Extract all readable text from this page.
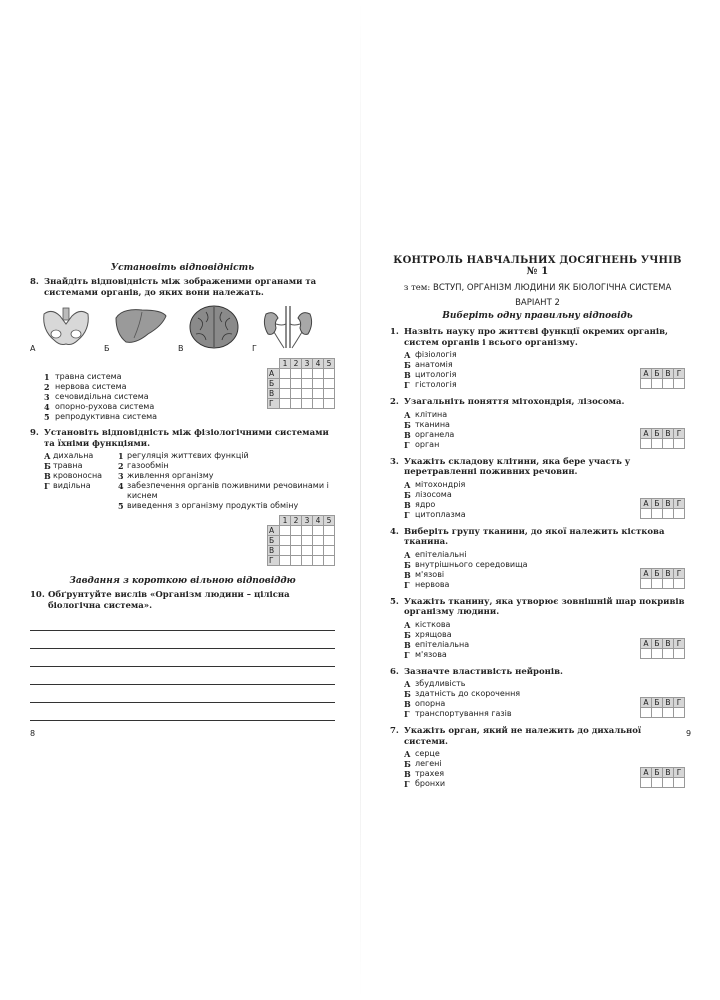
Установіть відповідність
8. Знайдіть відповідність між зображеними органами та системами органів, до яких вони належать.
А	Б	В	Г
1 травна система
2 нервова система
3 сечовидільна система
4 опорно-рухова система
5 репродуктивна система
	1	2	3	4	5
А					
Б					
В					
Г					
9. Установіть відповідність між фізіологічними системами та їхніми функціями.
А дихальна
Б травна
В кровоносна
Г видільна
1 регуляція життєвих функцій
2 газообмін
3 живлення організму
4 забезпечення органів поживними речовинами і киснем
5 виведення з організму продуктів обміну
	1	2	3	4	5
А					
Б					
В					
Г					
Завдання з короткою вільною відповіддю
10. Обґрунтуйте вислів «Організм людини – цілісна біологічна система».
8
КОНТРОЛЬ НАВЧАЛЬНИХ ДОСЯГНЕНЬ УЧНІВ № 1
з тем: ВСТУП, ОРГАНІЗМ ЛЮДИНИ ЯК БІОЛОГІЧНА СИСТЕМА
ВАРІАНТ 2
Виберіть одну правильну відповідь
1. Назвіть науку про життєві функції окремих органів, систем органів і всього організму.
А фізіологія
Б анатомія
В цитологія
Г гістологія
А	Б	В	Г

2. Узагальніть поняття мітохондрія, лізосома.
А клітина
Б тканина
В органела
Г орган
А	Б	В	Г

3. Укажіть складову клітини, яка бере участь у перетравленні поживних речовин.
А мітохондрія
Б лізосома
В ядро
Г цитоплазма
А	Б	В	Г

4. Виберіть групу тканини, до якої належить кісткова тканина.
А епітеліальні
Б внутрішнього середовища
В м'язові
Г нервова
А	Б	В	Г

5. Укажіть тканину, яка утворює зовнішній шар покривів організму людини.
А кісткова
Б хрящова
В епітеліальна
Г м'язова
А	Б	В	Г

6. Зазначте властивість нейронів.
А збудливість
Б здатність до скорочення
В опорна
Г транспортування газів
А	Б	В	Г

7. Укажіть орган, який не належить до дихальної системи.
А серце
Б легені
В трахея
Г бронхи
А	Б	В	Г

9
